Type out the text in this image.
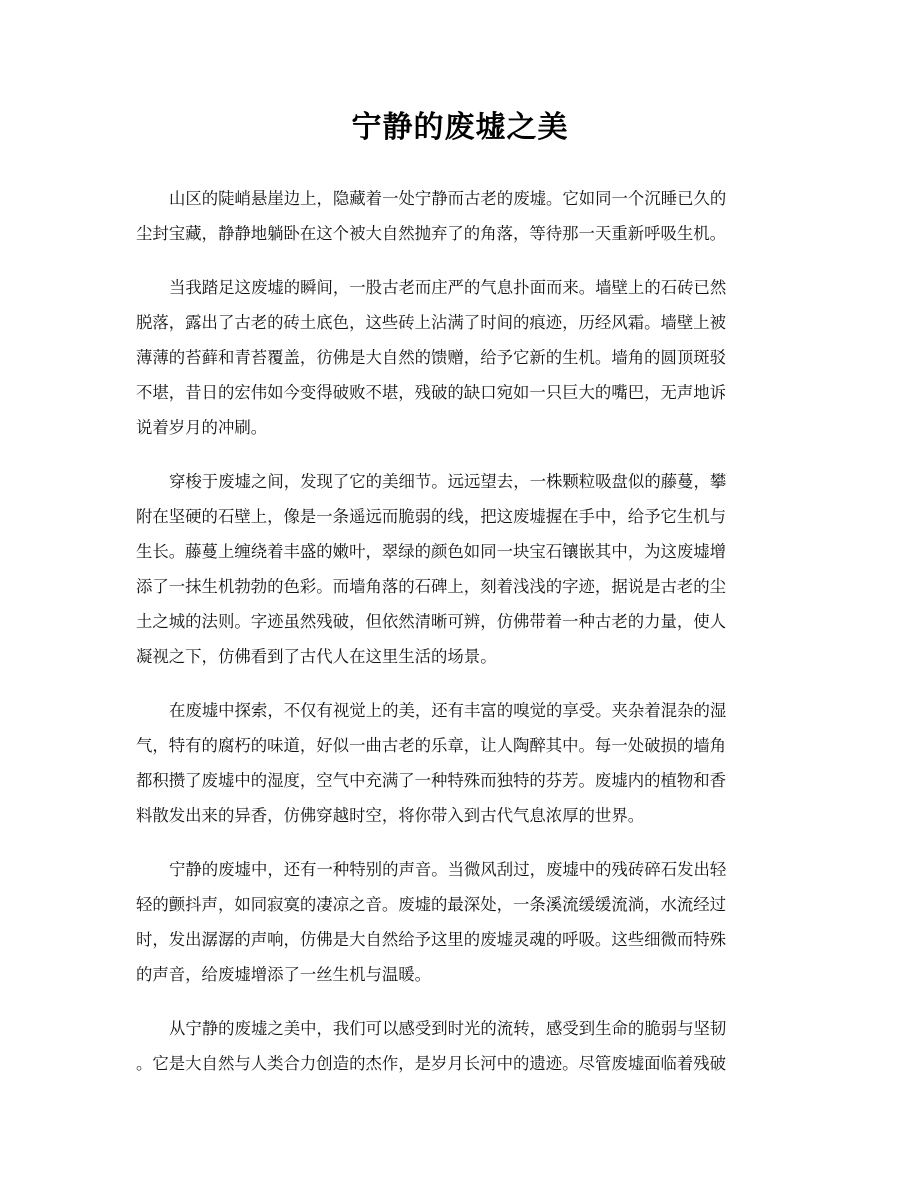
宁静的废墟之美

山区的陡峭悬崖边上，隐藏着一处宁静而古老的废墟。它如同一个沉睡已久的
尘封宝藏，静静地躺卧在这个被大自然抛弃了的角落，等待那一天重新呼吸生机。

当我踏足这废墟的瞬间，一股古老而庄严的气息扑面而来。墙壁上的石砖已然
脱落，露出了古老的砖土底色，这些砖上沾满了时间的痕迹，历经风霜。墙壁上被
薄薄的苔藓和青苔覆盖，彷佛是大自然的馈赠，给予它新的生机。墙角的圆顶斑驳
不堪，昔日的宏伟如今变得破败不堪，残破的缺口宛如一只巨大的嘴巴，无声地诉
说着岁月的冲刷。

穿梭于废墟之间，发现了它的美细节。远远望去，一株颗粒吸盘似的藤蔓，攀
附在坚硬的石壁上，像是一条遥远而脆弱的线，把这废墟握在手中，给予它生机与
生长。藤蔓上缠绕着丰盛的嫩叶，翠绿的颜色如同一块宝石镶嵌其中，为这废墟增
添了一抹生机勃勃的色彩。而墙角落的石碑上，刻着浅浅的字迹，据说是古老的尘
土之城的法则。字迹虽然残破，但依然清晰可辨，仿佛带着一种古老的力量，使人
凝视之下，仿佛看到了古代人在这里生活的场景。

在废墟中探索，不仅有视觉上的美，还有丰富的嗅觉的享受。夹杂着混杂的湿
气，特有的腐朽的味道，好似一曲古老的乐章，让人陶醉其中。每一处破损的墙角
都积攒了废墟中的湿度，空气中充满了一种特殊而独特的芬芳。废墟内的植物和香
料散发出来的异香，仿佛穿越时空，将你带入到古代气息浓厚的世界。

宁静的废墟中，还有一种特别的声音。当微风刮过，废墟中的残砖碎石发出轻
轻的颤抖声，如同寂寞的凄凉之音。废墟的最深处，一条溪流缓缓流淌，水流经过
时，发出潺潺的声响，仿佛是大自然给予这里的废墟灵魂的呼吸。这些细微而特殊
的声音，给废墟增添了一丝生机与温暖。

从宁静的废墟之美中，我们可以感受到时光的流转，感受到生命的脆弱与坚韧
。它是大自然与人类合力创造的杰作，是岁月长河中的遗迹。尽管废墟面临着残破
